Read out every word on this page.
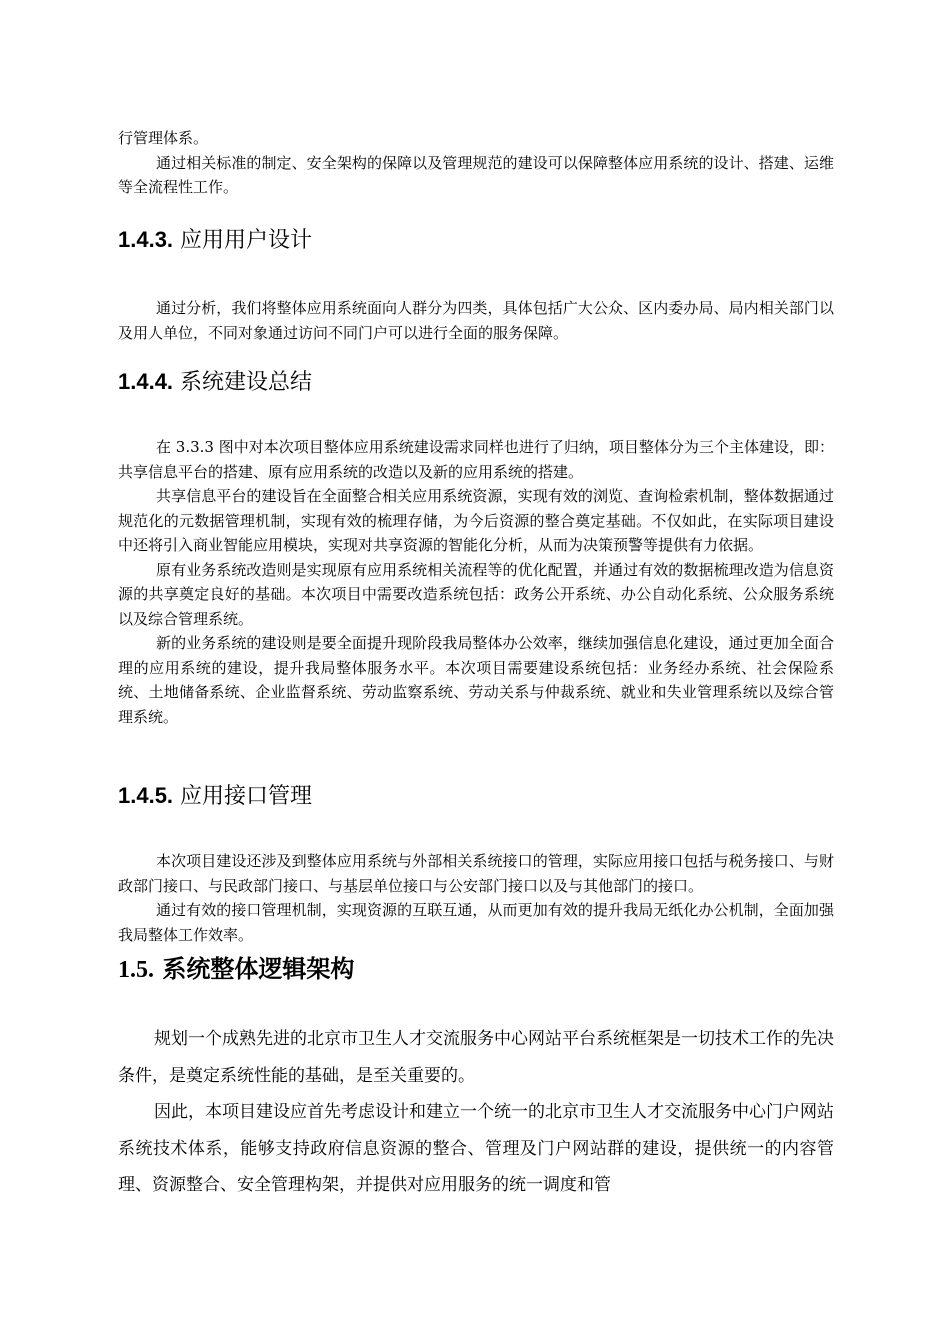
行管理体系。

通过相关标准的制定、安全架构的保障以及管理规范的建设可以保障整体应用系统的设计、搭建、运维等全流程性工作。

1.4.3. 应用用户设计

通过分析，我们将整体应用系统面向人群分为四类，具体包括广大公众、区内委办局、局内相关部门以及用人单位，不同对象通过访问不同门户可以进行全面的服务保障。

1.4.4. 系统建设总结

在 3.3.3 图中对本次项目整体应用系统建设需求同样也进行了归纳，项目整体分为三个主体建设，即：共享信息平台的搭建、原有应用系统的改造以及新的应用系统的搭建。

共享信息平台的建设旨在全面整合相关应用系统资源，实现有效的浏览、查询检索机制，整体数据通过规范化的元数据管理机制，实现有效的梳理存储，为今后资源的整合奠定基础。不仅如此，在实际项目建设中还将引入商业智能应用模块，实现对共享资源的智能化分析，从而为决策预警等提供有力依据。

原有业务系统改造则是实现原有应用系统相关流程等的优化配置，并通过有效的数据梳理改造为信息资源的共享奠定良好的基础。本次项目中需要改造系统包括：政务公开系统、办公自动化系统、公众服务系统以及综合管理系统。

新的业务系统的建设则是要全面提升现阶段我局整体办公效率，继续加强信息化建设，通过更加全面合理的应用系统的建设，提升我局整体服务水平。本次项目需要建设系统包括：业务经办系统、社会保险系统、土地储备系统、企业监督系统、劳动监察系统、劳动关系与仲裁系统、就业和失业管理系统以及综合管理系统。

1.4.5. 应用接口管理

本次项目建设还涉及到整体应用系统与外部相关系统接口的管理，实际应用接口包括与税务接口、与财政部门接口、与民政部门接口、与基层单位接口与公安部门接口以及与其他部门的接口。

通过有效的接口管理机制，实现资源的互联互通，从而更加有效的提升我局无纸化办公机制，全面加强我局整体工作效率。

1.5. 系统整体逻辑架构

规划一个成熟先进的北京市卫生人才交流服务中心网站平台系统框架是一切技术工作的先决条件，是奠定系统性能的基础，是至关重要的。

因此，本项目建设应首先考虑设计和建立一个统一的北京市卫生人才交流服务中心门户网站系统技术体系，能够支持政府信息资源的整合、管理及门户网站群的建设，提供统一的内容管理、资源整合、安全管理构架，并提供对应用服务的统一调度和管
